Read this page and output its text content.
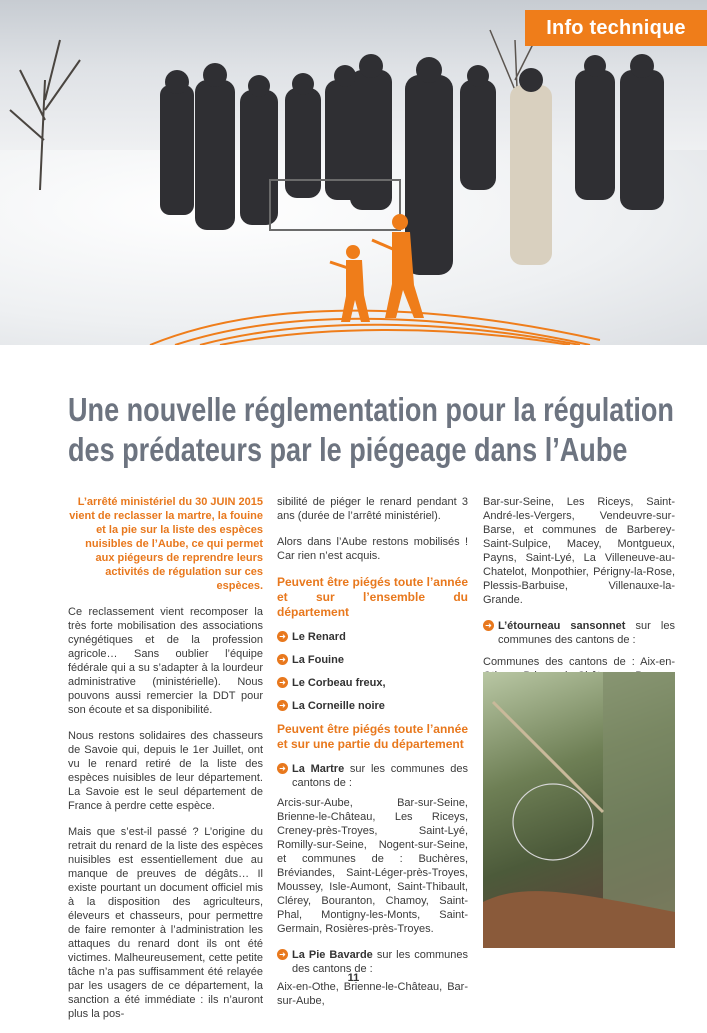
Info technique
Une nouvelle réglementation pour la régulation
des prédateurs par le piégeage dans l’Aube

L’arrêté ministériel du 30 JUIN 2015 vient de reclasser la martre, la fouine et la pie sur la liste des espèces nuisibles de l’Aube, ce qui permet aux piégeurs de reprendre leurs activités de régulation sur ces espèces.

Ce reclassement vient recomposer la très forte mobilisation des associations cynégétiques et de la profession agricole… Sans oublier l’équipe fédérale qui a su s’adapter à la lourdeur administrative (ministérielle). Nous pouvons aussi remercier la DDT pour son écoute et sa disponibilité.

Nous restons solidaires des chasseurs de Savoie qui, depuis le 1er Juillet, ont vu le renard retiré de la liste des espèces nuisibles de leur département. La Savoie est le seul département de France à perdre cette espèce.

Mais que s’est-il passé ? L’origine du retrait du renard de la liste des espèces nuisibles est essentiellement due au manque de preuves de dégâts… Il existe pourtant un document officiel mis à la disposition des agriculteurs, éleveurs et chasseurs, pour permettre de faire remonter à l’administration les attaques du renard dont ils ont été victimes. Malheureusement, cette petite tâche n’a pas suffisamment été relayée par les usagers de ce département, la sanction a été immédiate : ils n’auront plus la pos-

sibilité de piéger le renard pendant 3 ans (durée de l’arrêté ministériel).

Alors dans l’Aube restons mobilisés ! Car rien n’est acquis.

Peuvent être piégés toute l’année et sur l’ensemble du département
➜ Le Renard
➜ La Fouine
➜ Le Corbeau freux,
➜ La Corneille noire
Peuvent être piégés toute l’année et sur une partie du département
➜ La Martre sur les communes des cantons de :

Arcis-sur-Aube, Bar-sur-Seine, Brienne-le-Château, Les Riceys, Creney-près-Troyes, Saint-Lyé, Romilly-sur-Seine, Nogent-sur-Seine, et communes de : Buchères, Bréviandes, Saint-Léger-près-Troyes, Moussey, Isle-Aumont, Saint-Thibault, Clérey, Bouranton, Chamoy, Saint-Phal, Montigny-les-Monts, Saint-Germain, Rosières-près-Troyes.

➜ La Pie Bavarde sur les communes des cantons de :

Aix-en-Othe, Brienne-le-Château, Bar-sur-Aube,

Bar-sur-Seine, Les Riceys, Saint-André-les-Vergers, Vendeuvre-sur-Barse, et communes de Barberey-Saint-Sulpice, Macey, Montgueux, Payns, Saint-Lyé, La Villeneuve-au-Chatelot, Monpothier, Périgny-la-Rose, Plessis-Barbuise, Villenauxe-la-Grande.

➜ L’étourneau sansonnet sur les communes des cantons de :

Communes des cantons de : Aix-en-

11
